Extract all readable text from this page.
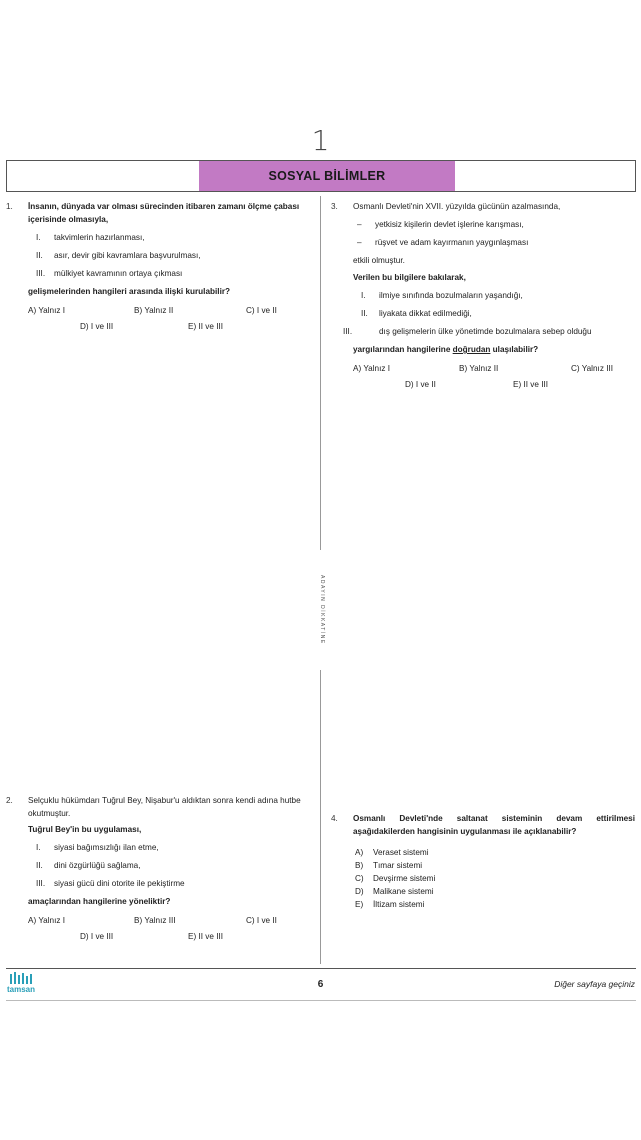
1
SOSYAL BİLİMLER
ADAYIN DİKKATİNE
1. İnsanın, dünyada var olması sürecinden itibaren zamanı ölçme çabası içerisinde olmasıyla,

I. takvimlerin hazırlanması,

II. asır, devir gibi kavramlara başvurulması,

III. mülkiyet kavramının ortaya çıkması

gelişmelerinden hangileri arasında ilişki kurulabilir?

A) Yalnız I	B) Yalnız II	C) I ve II
D) I ve III	E) II ve III
2. Selçuklu hükümdarı Tuğrul Bey, Nişabur'u aldıktan sonra kendi adına hutbe okutmuştur.

Tuğrul Bey'in bu uygulaması,

I. siyasi bağımsızlığı ilan etme,

II. dini özgürlüğü sağlama,

III. siyasi gücü dini otorite ile pekiştirme

amaçlarından hangilerine yöneliktir?

A) Yalnız I	B) Yalnız III	C) I ve II
D) I ve III	E) II ve III
3. Osmanlı Devleti'nin XVII. yüzyılda gücünün azalmasında,

– yetkisiz kişilerin devlet işlerine karışması,

– rüşvet ve adam kayırmanın yaygınlaşması

etkili olmuştur.

Verilen bu bilgilere bakılarak,

I. ilmiye sınıfında bozulmaların yaşandığı,

II. liyakata dikkat edilmediği,

III.	dış gelişmelerin ülke yönetimde bozulmalara sebep olduğu

yargılarından hangilerine doğrudan ulaşılabilir?

A) Yalnız I	B) Yalnız II	C) Yalnız III
D) I ve II	E) II ve III
4. Osmanlı Devleti'nde saltanat sisteminin devam ettirilmesi aşağıdakilerden hangisinin uygulanması ile açıklanabilir?

A) Veraset sistemi

B) Tımar sistemi

C) Devşirme sistemi

D) Malikane sistemi

E) İltizam sistemi

tamsan	6	Diğer sayfaya geçiniz
